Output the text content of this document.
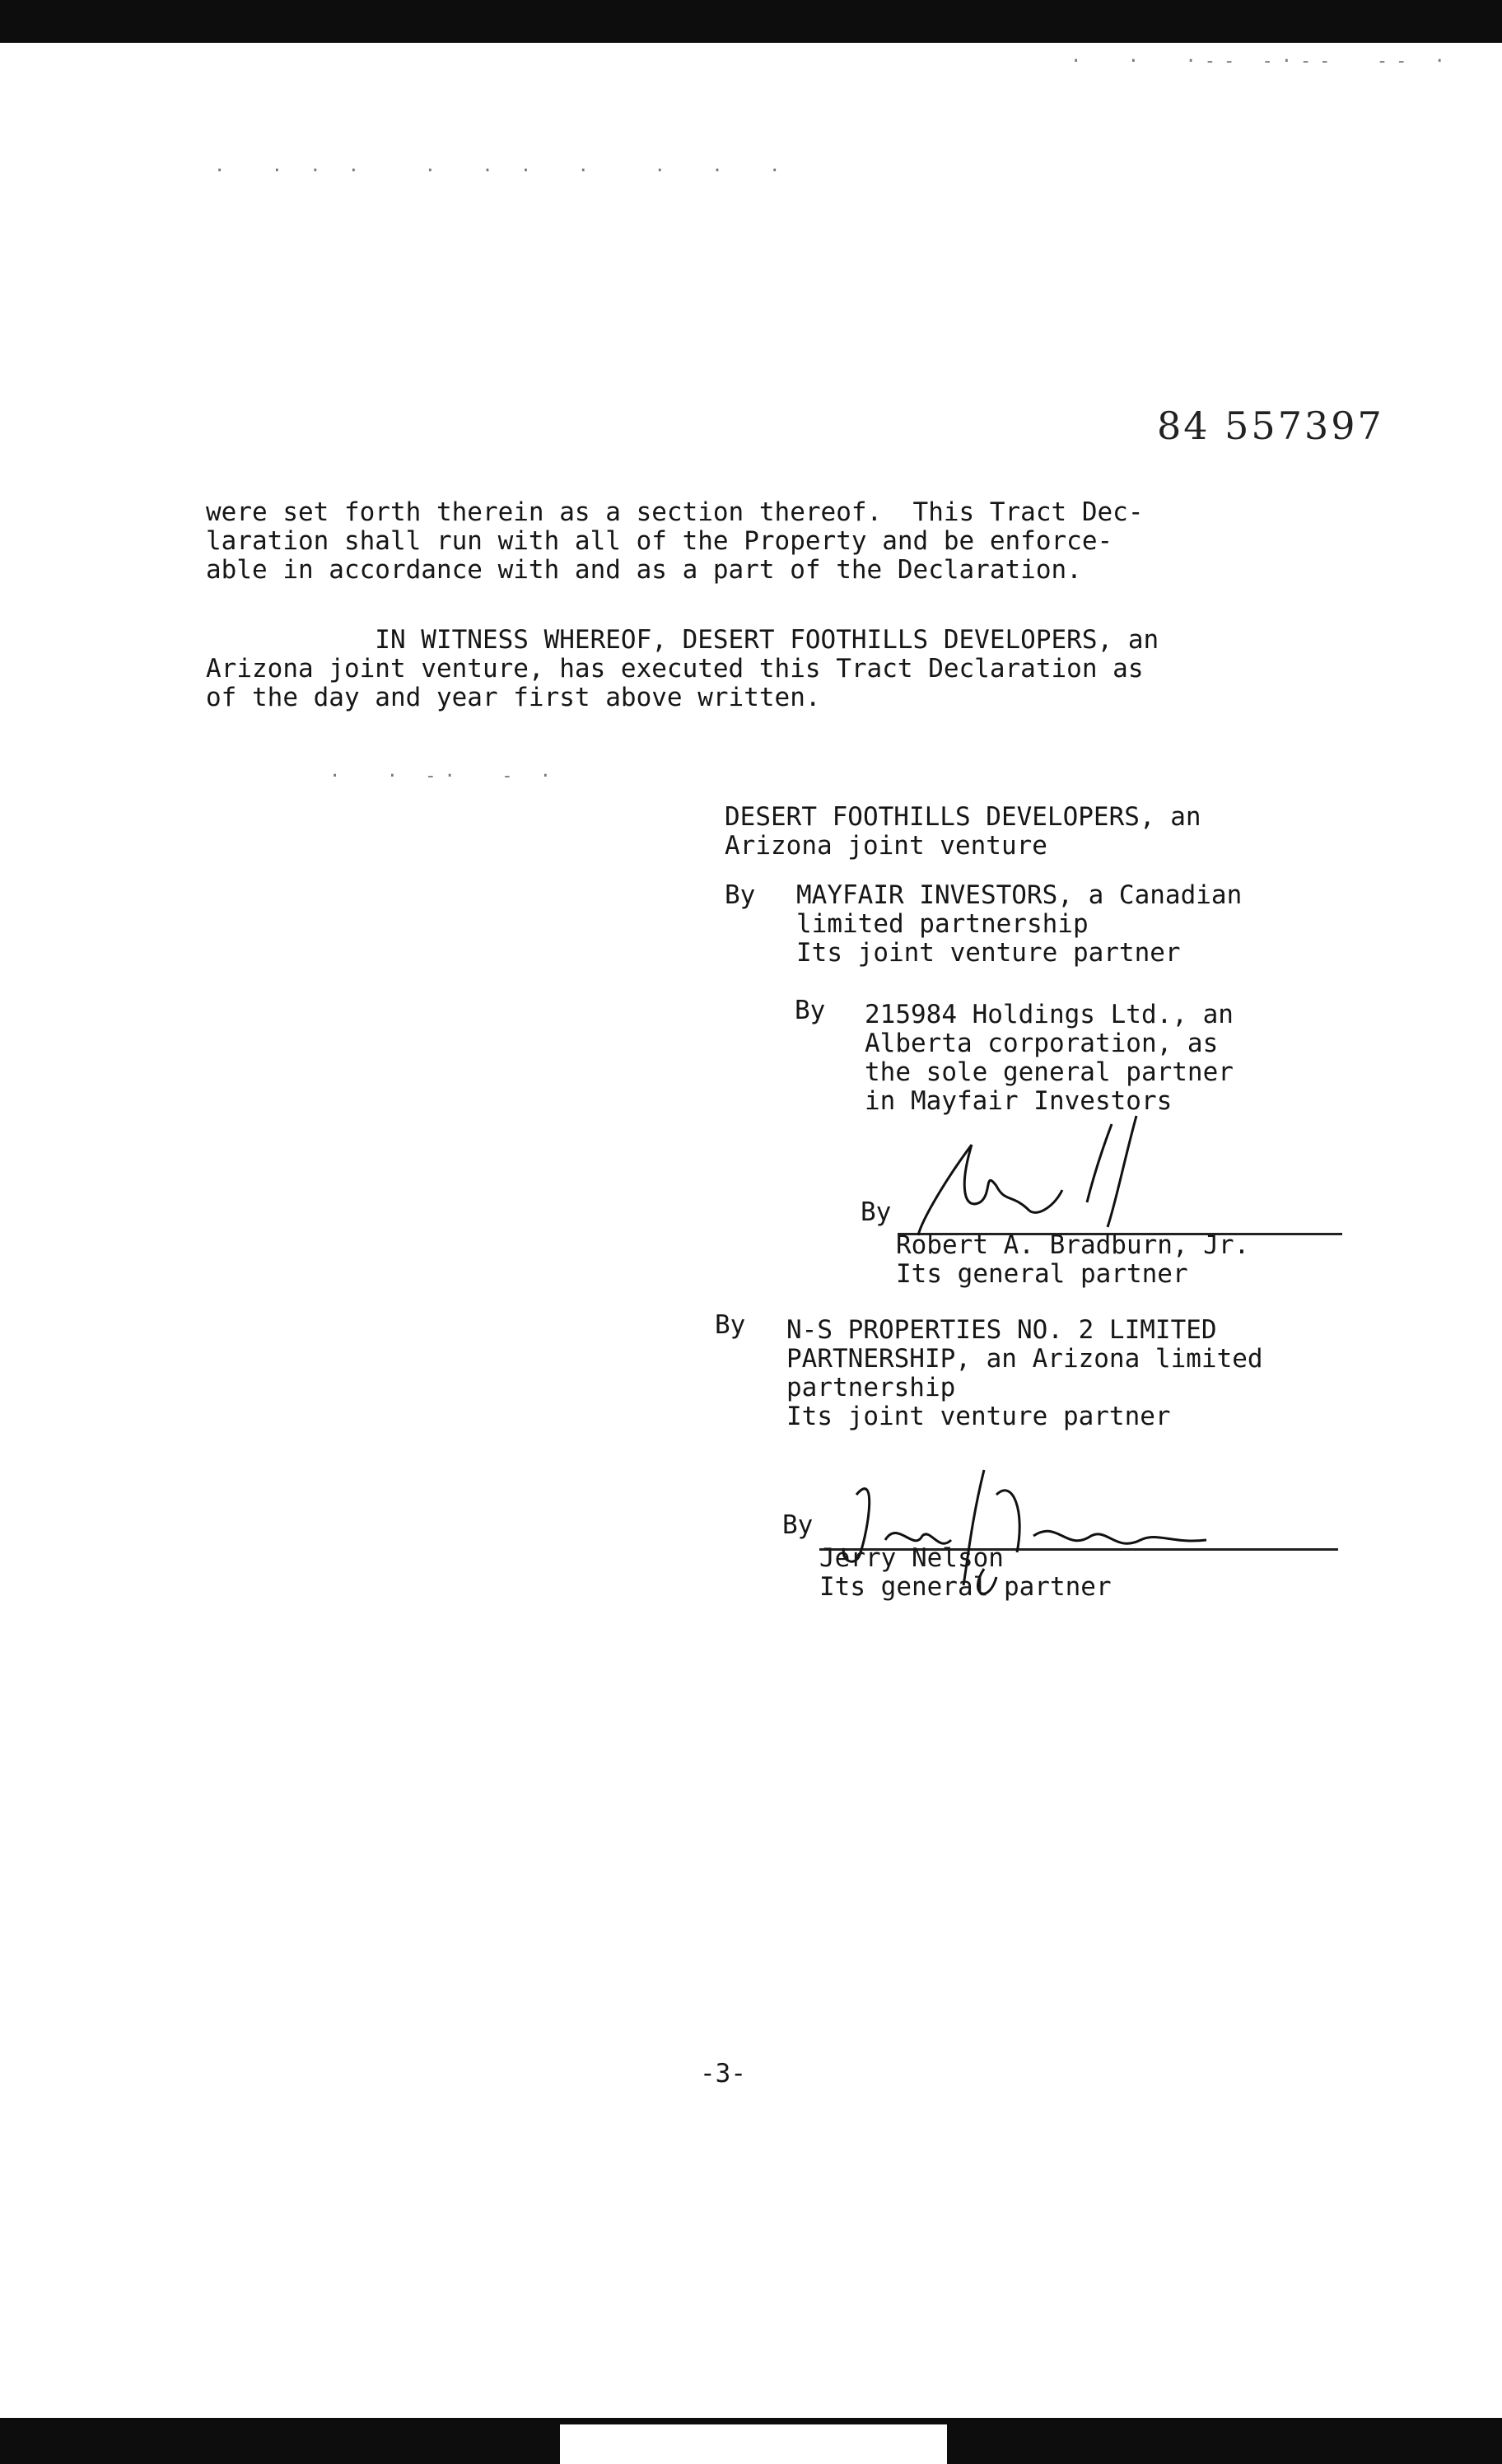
·  ·  ·-- -·--  -- ·
·  · · ·   ·  · ·  ·   ·  ·  ·
·  · -·  - ·
84 557397
were set forth therein as a section thereof.  This Tract Dec-
laration shall run with all of the Property and be enforce-
able in accordance with and as a part of the Declaration.
IN WITNESS WHEREOF, DESERT FOOTHILLS DEVELOPERS, an
Arizona joint venture, has executed this Tract Declaration as
of the day and year first above written.
DESERT FOOTHILLS DEVELOPERS, an
Arizona joint venture
By MAYFAIR INVESTORS, a Canadian
limited partnership
Its joint venture partner
By 215984 Holdings Ltd., an
Alberta corporation, as
the sole general partner
in Mayfair Investors
By
Robert A. Bradburn, Jr.
Its general partner
By N-S PROPERTIES NO. 2 LIMITED
PARTNERSHIP, an Arizona limited
partnership
Its joint venture partner
By
Jerry Nelson
Its general partner
-3-
